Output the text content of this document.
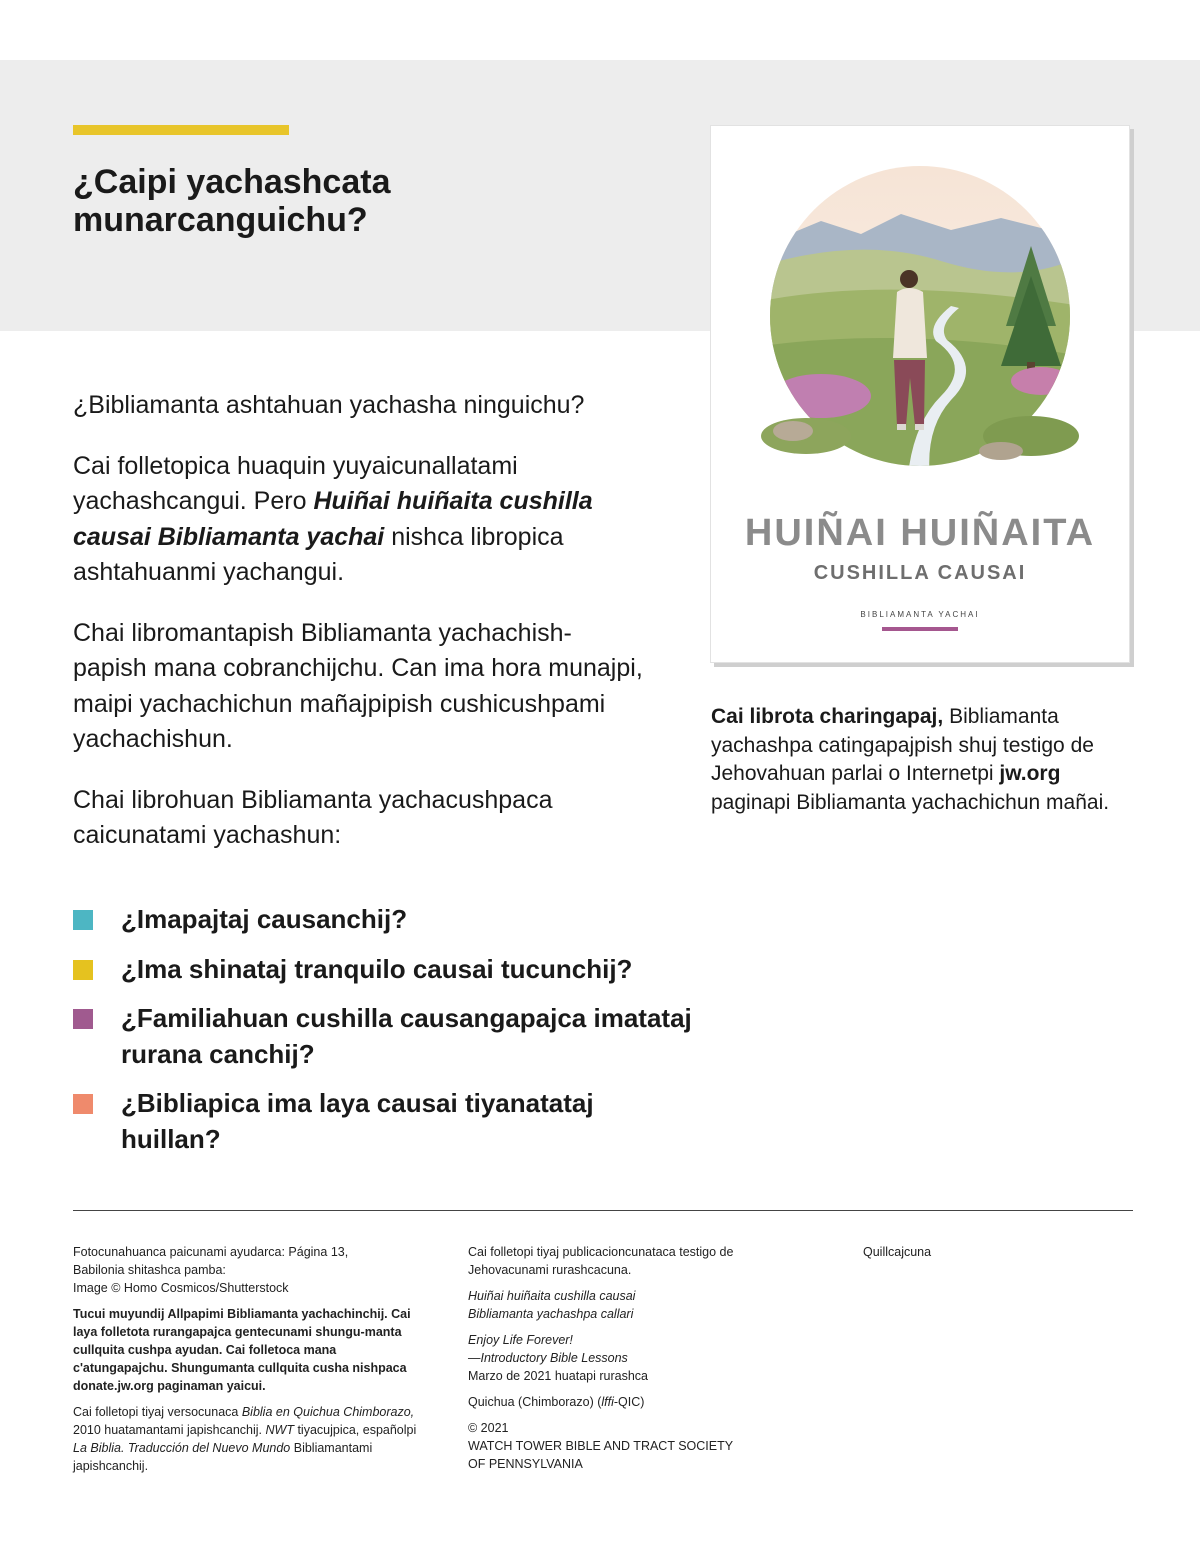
¿Caipi yachashcata
munarcanguichu?

¿Bibliamanta ashtahuan yachasha ninguichu?

Cai folletopica huaquin yuyaicunallatami yachashcangui. Pero Huiñai huiñaita cushilla causai Bibliamanta yachai nishca libropica ashtahuanmi yachangui.

Chai libromantapish Bibliamanta yachachish-
papish mana cobranchijchu. Can ima hora munajpi, maipi yachachichun mañajpipish cushicushpami yachachishun.

Chai librohuan Bibliamanta yachacushpaca caicunatami yachashun:

¿Imapajtaj causanchij?
¿Ima shinataj tranquilo causai tucunchij?
¿Familiahuan cushilla causangapajca imatataj rurana canchij?
¿Bibliapica ima laya causai tiyanatataj huillan?
HUIÑAI HUIÑAITA
CUSHILLA CAUSAI
BIBLIAMANTA YACHAI
Cai librota charingapaj, Bibliamanta yachashpa catingapajpish shuj testigo de Jehovahuan parlai o Internetpi jw.org paginapi Bibliamanta yachachichun mañai.

Fotocunahuanca paicunami ayudarca: Página 13,
Babilonia shitashca pamba:
Image © Homo Cosmicos/Shutterstock

Tucui muyundij Allpapimi Bibliamanta yachachinchij. Cai laya folletota rurangapajca gentecunami shungu-manta cullquita cushpa ayudan. Cai folletoca mana c'atungapajchu. Shungumanta cullquita cusha nishpaca donate.jw.org paginaman yaicui.

Cai folletopi tiyaj versocunaca Biblia en Quichua Chimborazo, 2010 huatamantami japishcanchij. NWT tiyacujpica, españolpi La Biblia. Traducción del Nuevo Mundo Bibliamantami japishcanchij.

Cai folletopi tiyaj publicacioncunataca testigo de Jehovacunami rurashcacuna.

Huiñai huiñaita cushilla causai
Bibliamanta yachashpa callari

Enjoy Life Forever!
—Introductory Bible Lessons

Marzo de 2021 huatapi rurashca

Quichua (Chimborazo) (lffi-QIC)

© 2021
WATCH TOWER BIBLE AND TRACT SOCIETY
OF PENNSYLVANIA

Quillcajcuna
